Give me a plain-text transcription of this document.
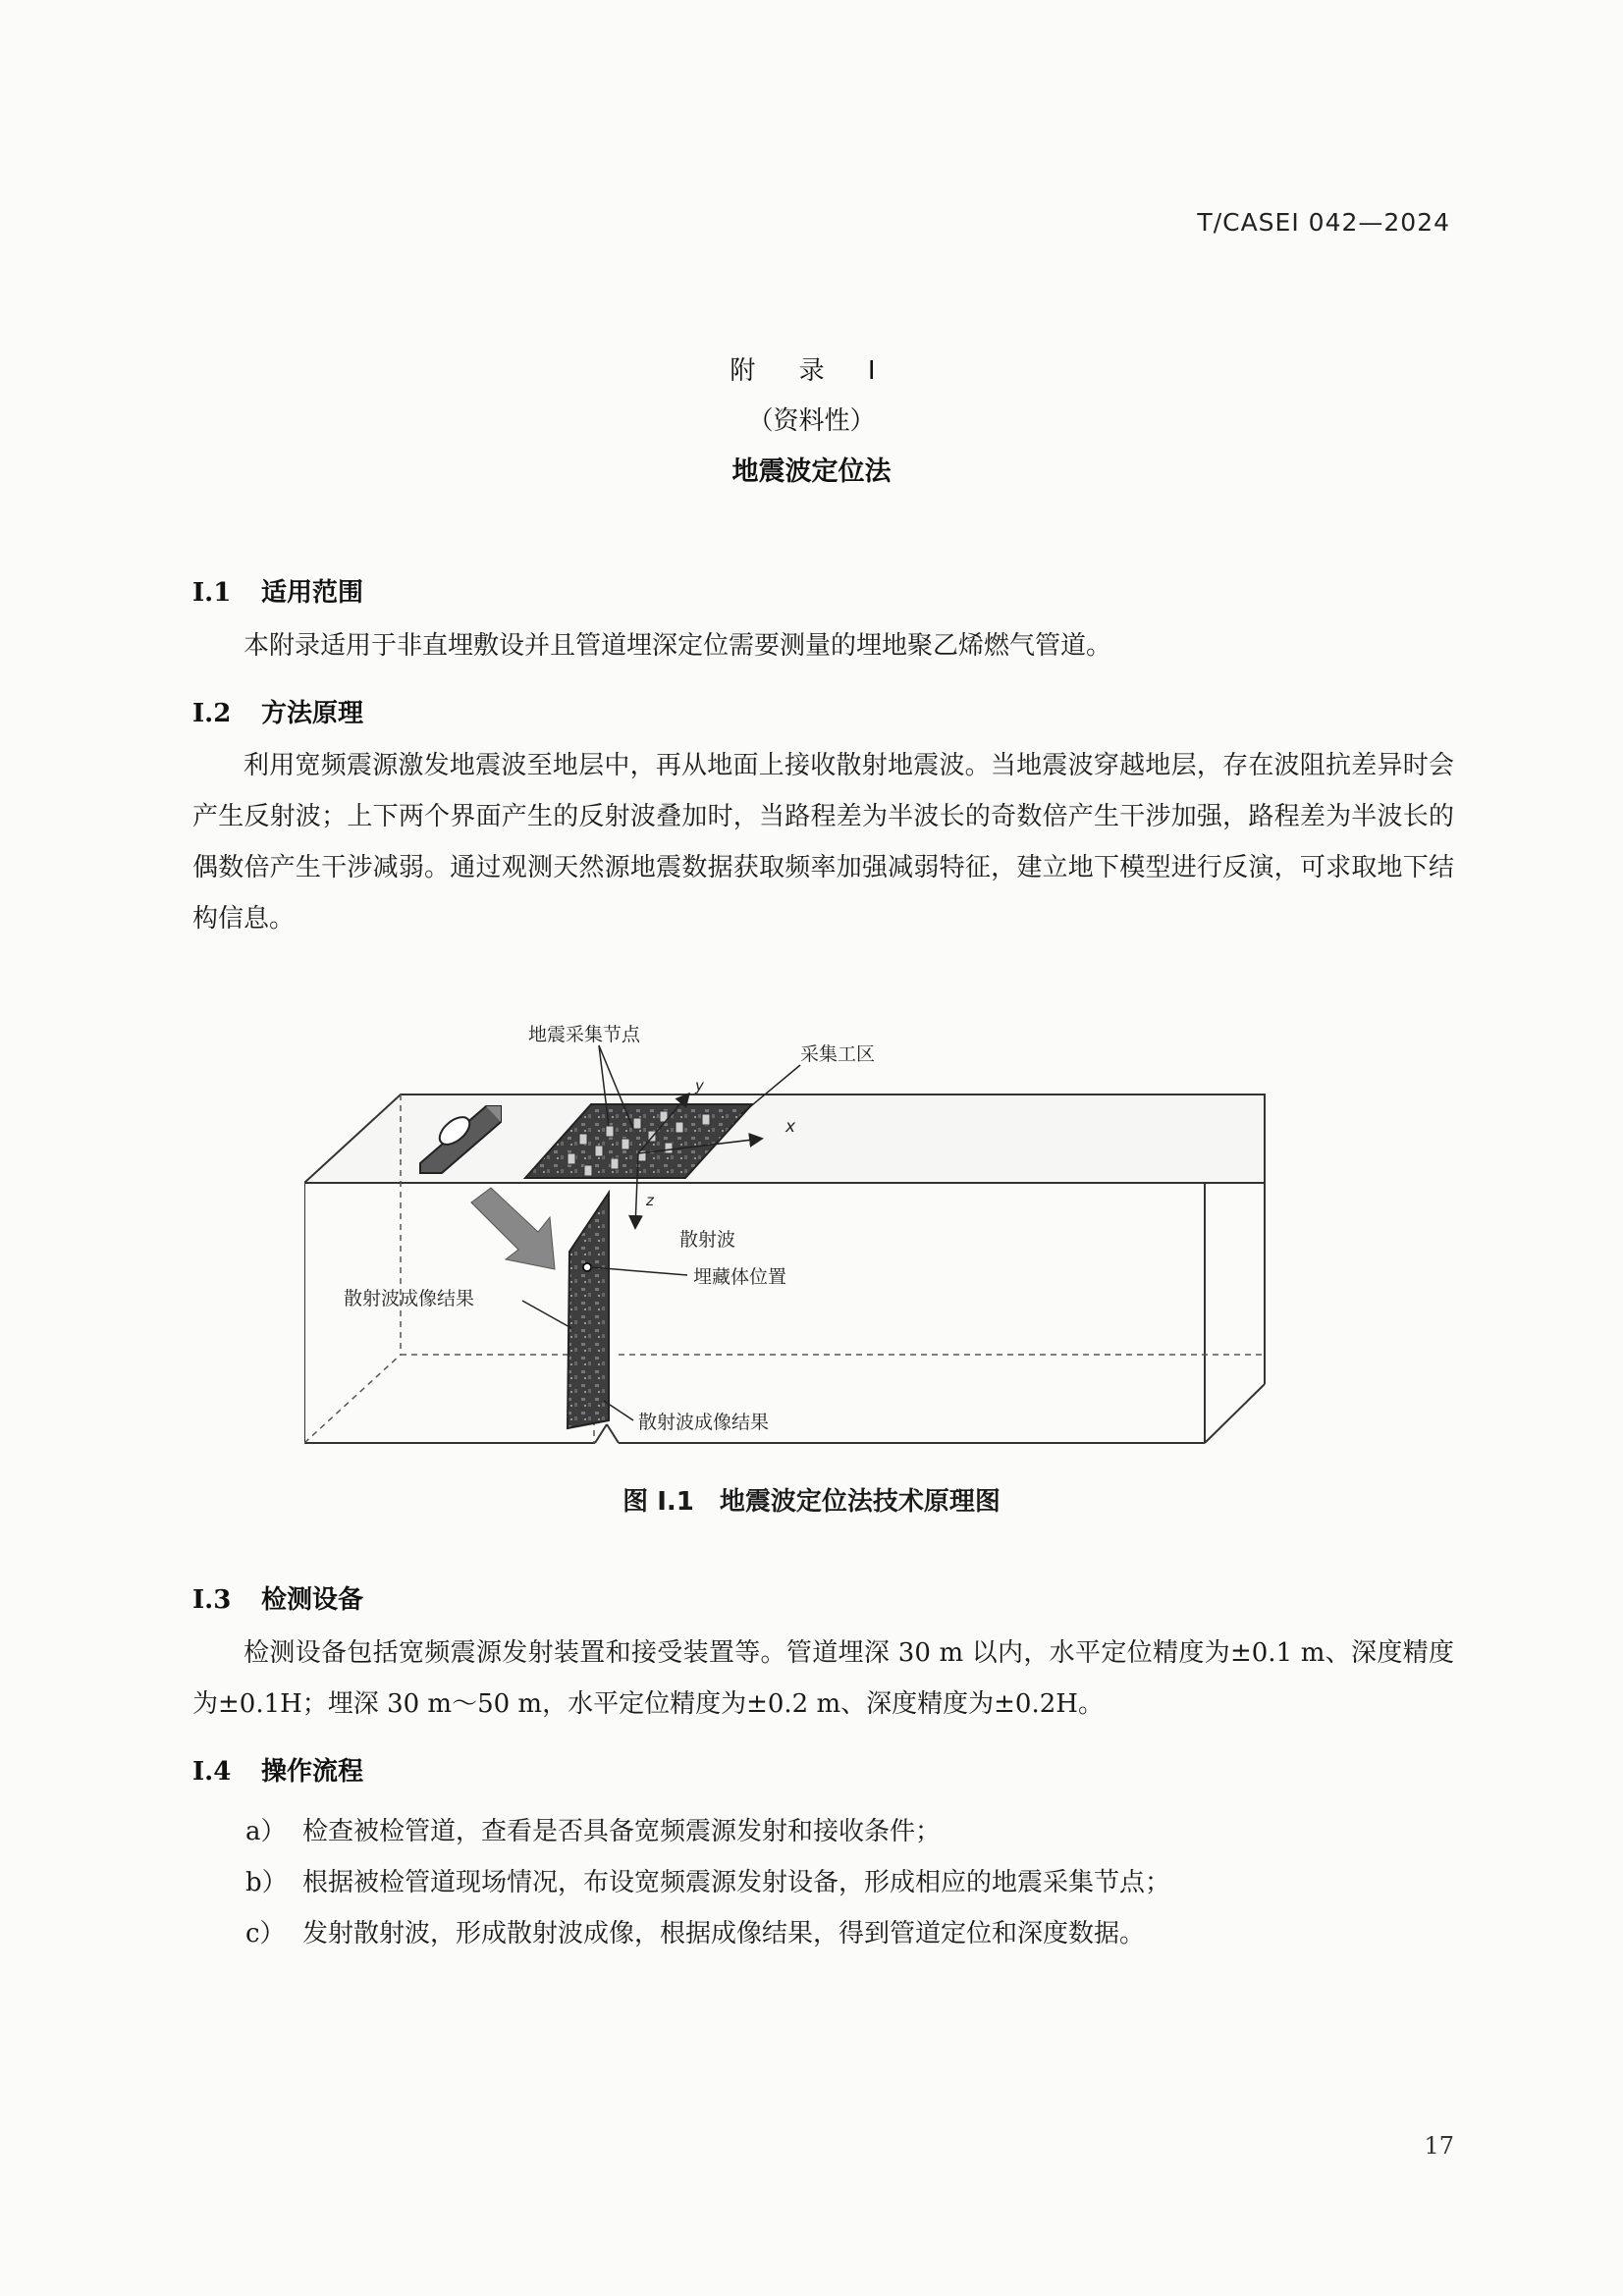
T/CASEI 042—2024
附 录 I
（资料性）
地震波定位法
I.1 适用范围
本附录适用于非直埋敷设并且管道埋深定位需要测量的埋地聚乙烯燃气管道。
I.2 方法原理
利用宽频震源激发地震波至地层中，再从地面上接收散射地震波。当地震波穿越地层，存在波阻抗差异时会产生反射波；上下两个界面产生的反射波叠加时，当路程差为半波长的奇数倍产生干涉加强，路程差为半波长的偶数倍产生干涉减弱。通过观测天然源地震数据获取频率加强减弱特征，建立地下模型进行反演，可求取地下结构信息。
地震采集节点
采集工区
y
x
z
散射波
埋藏体位置
散射波成像结果
散射波成像结果
图 I.1　地震波定位法技术原理图
I.3 检测设备
检测设备包括宽频震源发射装置和接受装置等。管道埋深 30 m 以内，水平定位精度为±0.1 m、深度精度为±0.1H；埋深 30 m～50 m，水平定位精度为±0.2 m、深度精度为±0.2H。
I.4 操作流程
a） 检查被检管道，查看是否具备宽频震源发射和接收条件；
b） 根据被检管道现场情况，布设宽频震源发射设备，形成相应的地震采集节点；
c） 发射散射波，形成散射波成像，根据成像结果，得到管道定位和深度数据。
17
